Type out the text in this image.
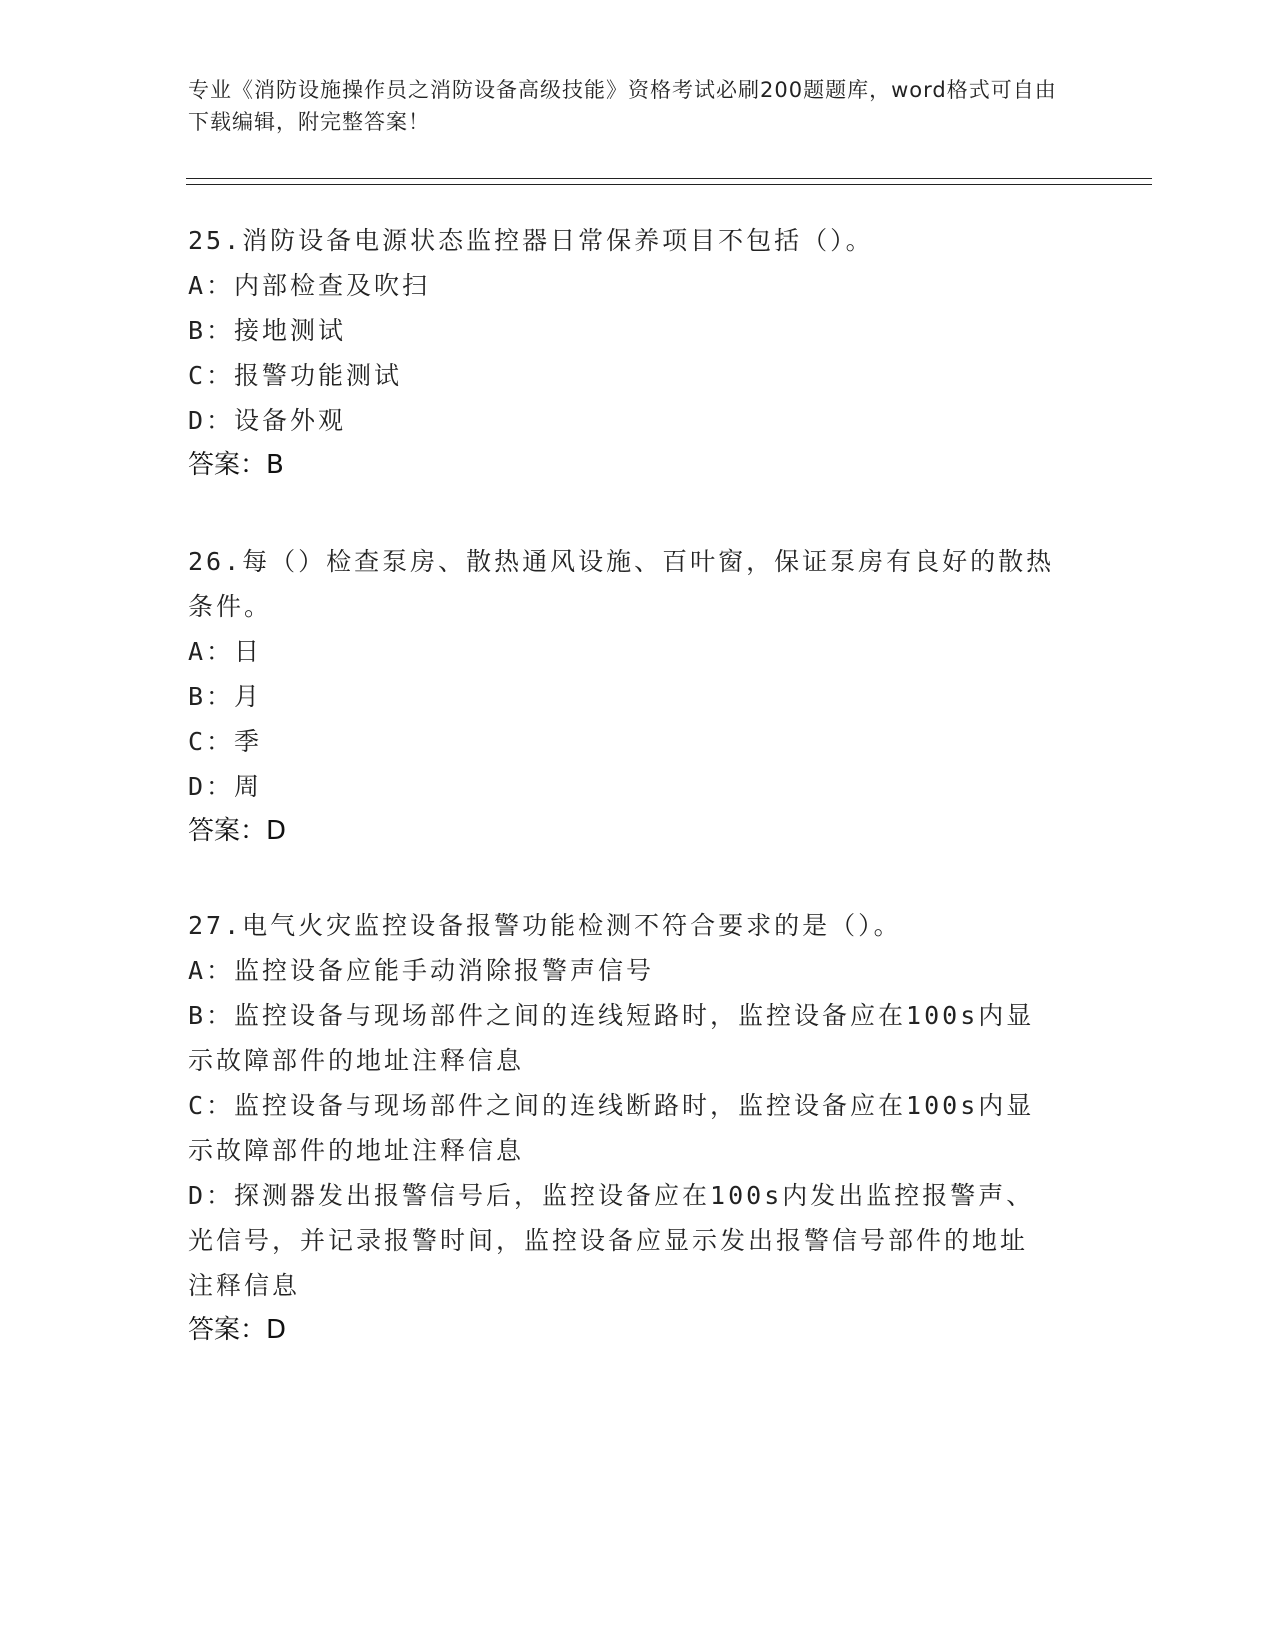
专业《消防设施操作员之消防设备高级技能》资格考试必刷200题题库，word格式可自由下载编辑，附完整答案！
25.消防设备电源状态监控器日常保养项目不包括（）。
A：内部检查及吹扫
B：接地测试
C：报警功能测试
D：设备外观
答案：B
26.每（）检查泵房、散热通风设施、百叶窗，保证泵房有良好的散热
条件。
A：日
B：月
C：季
D：周
答案：D
27.电气火灾监控设备报警功能检测不符合要求的是（）。
A：监控设备应能手动消除报警声信号
B：监控设备与现场部件之间的连线短路时，监控设备应在100s内显
示故障部件的地址注释信息
C：监控设备与现场部件之间的连线断路时，监控设备应在100s内显
示故障部件的地址注释信息
D：探测器发出报警信号后，监控设备应在100s内发出监控报警声、
光信号，并记录报警时间，监控设备应显示发出报警信号部件的地址
注释信息
答案：D
